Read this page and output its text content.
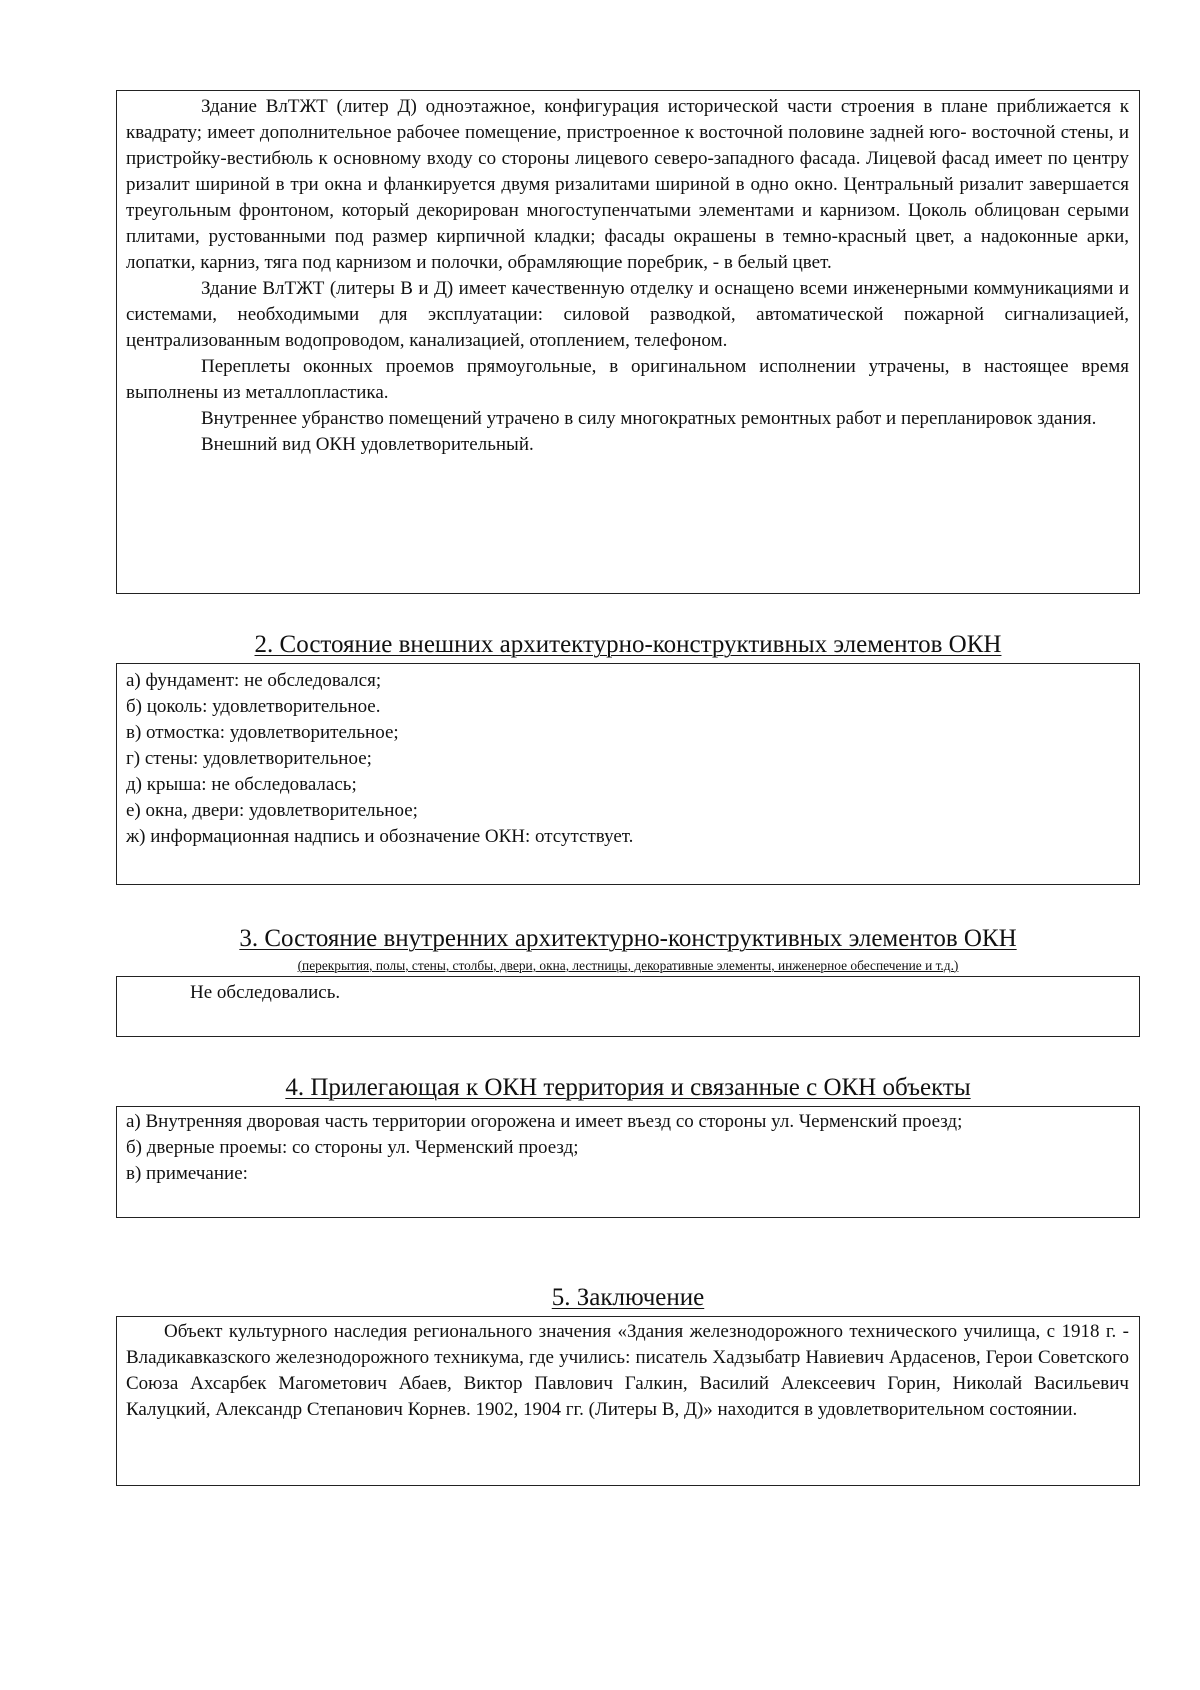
Здание ВлТЖТ (литер Д) одноэтажное, конфигурация исторической части строения в плане приближается к квадрату; имеет дополнительное рабочее помещение, пристроенное к восточной половине задней юго- восточной стены, и пристройку-вестибюль к основному входу со стороны лицевого северо-западного фасада. Лицевой фасад имеет по центру ризалит шириной в три окна и фланкируется двумя ризалитами шириной в одно окно. Центральный ризалит завершается треугольным фронтоном, который декорирован многоступенчатыми элементами и карнизом. Цоколь облицован серыми плитами, рустованными под размер кирпичной кладки; фасады окрашены в темно-красный цвет, а надоконные арки, лопатки, карниз, тяга под карнизом и полочки, обрамляющие поребрик, - в белый цвет.

Здание ВлТЖТ (литеры В и Д) имеет качественную отделку и оснащено всеми инженерными коммуникациями и системами, необходимыми для эксплуатации: силовой разводкой, автоматической пожарной сигнализацией, централизованным водопроводом, канализацией, отоплением, телефоном.

Переплеты оконных проемов прямоугольные, в оригинальном исполнении утрачены, в настоящее время выполнены из металлопластика.

Внутреннее убранство помещений утрачено в силу многократных ремонтных работ и перепланировок здания.

Внешний вид ОКН удовлетворительный.

2. Состояние внешних архитектурно-конструктивных элементов ОКН

а) фундамент: не обследовался;

б) цоколь: удовлетворительное.

в) отмостка: удовлетворительное;

г) стены: удовлетворительное;

д) крыша: не обследовалась;

е) окна, двери: удовлетворительное;

ж) информационная надпись и обозначение ОКН: отсутствует.

3. Состояние внутренних архитектурно-конструктивных элементов ОКН

(перекрытия, полы, стены, столбы, двери, окна, лестницы, декоративные элементы, инженерное обеспечение и т.д.)

Не обследовались.

4. Прилегающая к ОКН территория и связанные с ОКН объекты

а) Внутренняя дворовая часть территории огорожена и имеет въезд со стороны ул. Черменский проезд;

б) дверные проемы: со стороны ул. Черменский проезд;

в) примечание:

5. Заключение

Объект культурного наследия регионального значения «Здания железнодорожного технического училища, с 1918 г. - Владикавказского железнодорожного техникума, где учились: писатель Хадзыбатр Навиевич Ардасенов, Герои Советского Союза Ахсарбек Магометович Абаев, Виктор Павлович Галкин, Василий Алексеевич Горин, Николай Васильевич Калуцкий, Александр Степанович Корнев. 1902, 1904 гг. (Литеры В, Д)» находится в удовлетворительном состоянии.
